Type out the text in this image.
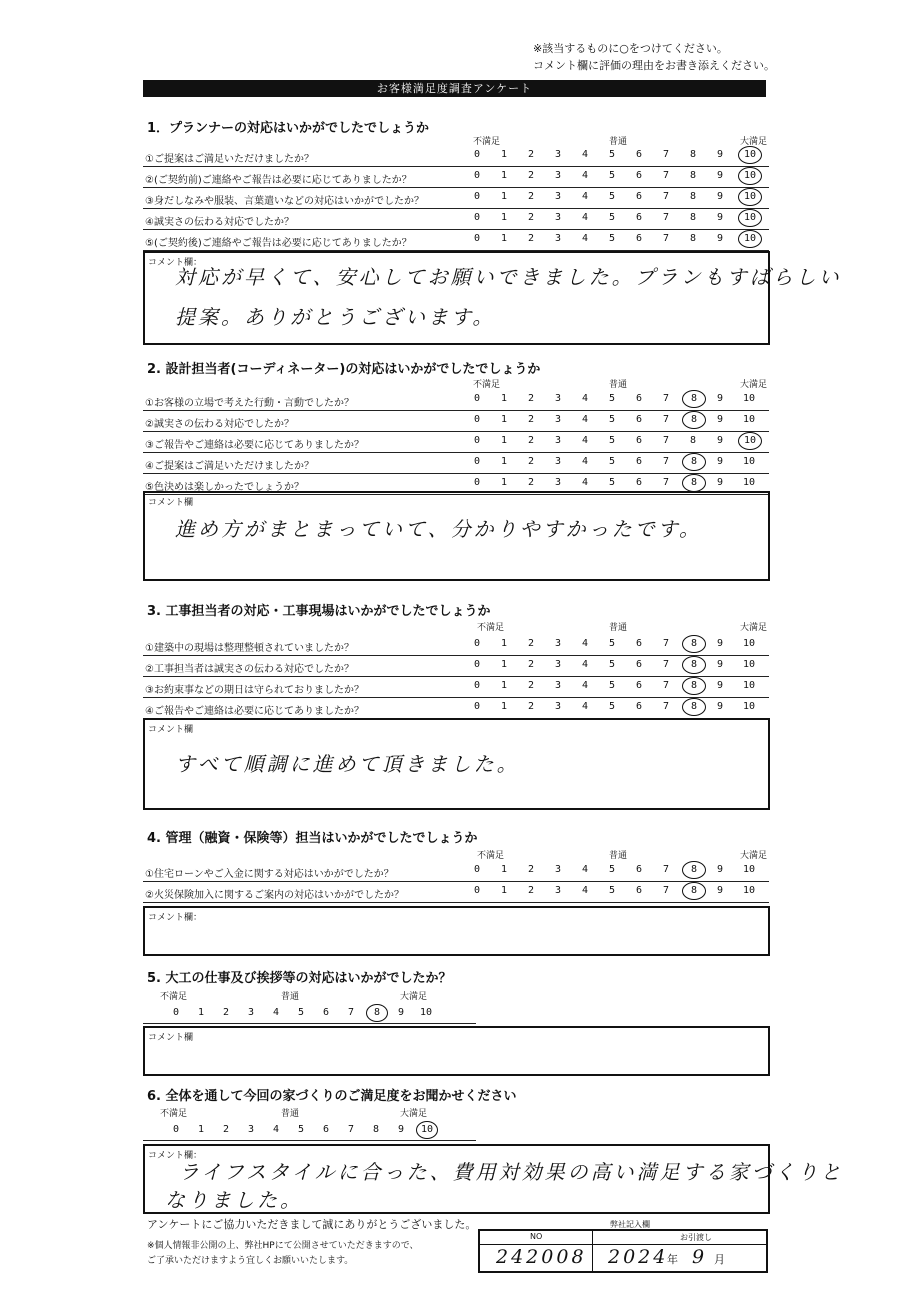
※該当するものに○をつけてください。
コメント欄に評価の理由をお書き添えください。
お客様満足度調査アンケート
1．プランナーの対応はいかがでしたでしょうか
不満足	普通	大満足
①ご提案はご満足いただけましたか？	0	1	2	3	4	5	6	7	8	9	10
②(ご契約前)ご連絡やご報告は必要に応じてありましたか？	0	1	2	3	4	5	6	7	8	9	10
③身だしなみや服装、言葉遣いなどの対応はいかがでしたか？	0	1	2	3	4	5	6	7	8	9	10
④誠実さの伝わる対応でしたか？	0	1	2	3	4	5	6	7	8	9	10
⑤(ご契約後)ご連絡やご報告は必要に応じてありましたか？	0	1	2	3	4	5	6	7	8	9	10
コメント欄：
対応が早くて、安心してお願いできました。プランもすばらしい
提案。ありがとうございます。
2. 設計担当者(コーディネーター)の対応はいかがでしたでしょうか
不満足	普通	大満足
①お客様の立場で考えた行動・言動でしたか？	0	1	2	3	4	5	6	7	8	9	10
②誠実さの伝わる対応でしたか？	0	1	2	3	4	5	6	7	8	9	10
③ご報告やご連絡は必要に応じてありましたか？	0	1	2	3	4	5	6	7	8	9	10
④ご提案はご満足いただけましたか？	0	1	2	3	4	5	6	7	8	9	10
⑤色決めは楽しかったでしょうか？	0	1	2	3	4	5	6	7	8	9	10
コメント欄
進め方がまとまっていて、分かりやすかったです。
3. 工事担当者の対応・工事現場はいかがでしたでしょうか
不満足	普通	大満足
①建築中の現場は整理整頓されていましたか？	0	1	2	3	4	5	6	7	8	9	10
②工事担当者は誠実さの伝わる対応でしたか？	0	1	2	3	4	5	6	7	8	9	10
③お約束事などの期日は守られておりましたか？	0	1	2	3	4	5	6	7	8	9	10
④ご報告やご連絡は必要に応じてありましたか？	0	1	2	3	4	5	6	7	8	9	10
コメント欄
すべて順調に進めて頂きました。
4. 管理（融資・保険等）担当はいかがでしたでしょうか
不満足	普通	大満足
①住宅ローンやご入金に関する対応はいかがでしたか？	0	1	2	3	4	5	6	7	8	9	10
②火災保険加入に関するご案内の対応はいかがでしたか？	0	1	2	3	4	5	6	7	8	9	10
コメント欄：
5. 大工の仕事及び挨拶等の対応はいかがでしたか？
不満足	普通	大満足
0	1	2	3	4	5	6	7	8	9	10
コメント欄
6. 全体を通して今回の家づくりのご満足度をお聞かせください
不満足	普通	大満足
0	1	2	3	4	5	6	7	8	9	10
コメント欄：
ライフスタイルに合った、費用対効果の高い満足する家づくりと
なりました。
アンケートにご協力いただきまして誠にありがとうございました。
※個人情報非公開の上、弊社HPにて公開させていただきますので、
ご了承いただけますよう宜しくお願いいたします。
NO
弊社記入欄
お引渡し
242008 2024
年 9 月
